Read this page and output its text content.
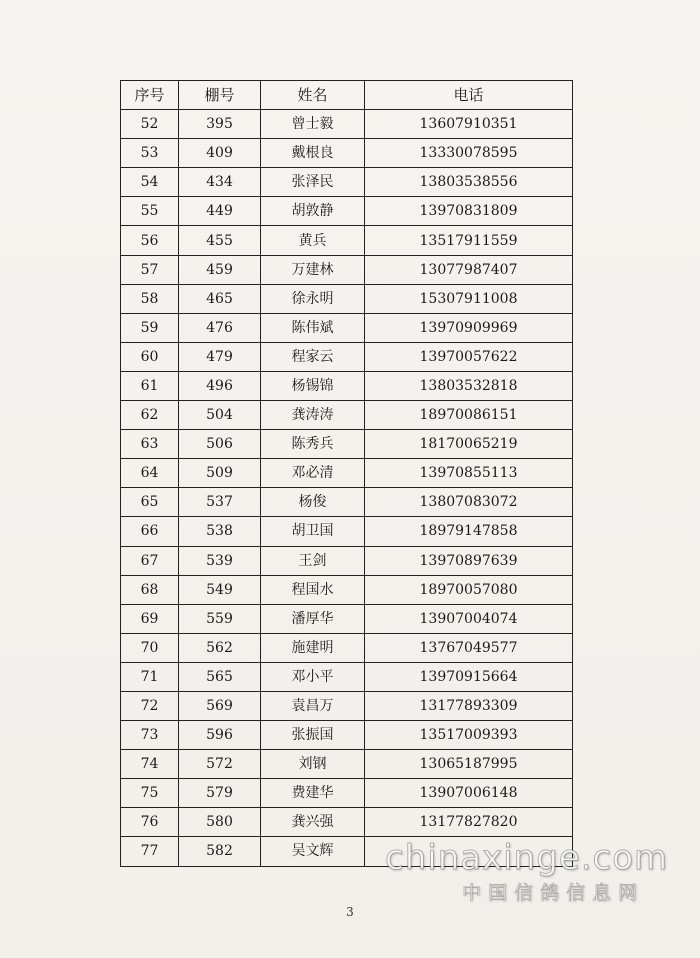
序号	棚号	姓名	电话
52	395	曾士毅	13607910351
53	409	戴根良	13330078595
54	434	张泽民	13803538556
55	449	胡敦静	13970831809
56	455	黄兵	13517911559
57	459	万建林	13077987407
58	465	徐永明	15307911008
59	476	陈伟斌	13970909969
60	479	程家云	13970057622
61	496	杨锡锦	13803532818
62	504	龚涛涛	18970086151
63	506	陈秀兵	18170065219
64	509	邓必清	13970855113
65	537	杨俊	13807083072
66	538	胡卫国	18979147858
67	539	王剑	13970897639
68	549	程国水	18970057080
69	559	潘厚华	13907004074
70	562	施建明	13767049577
71	565	邓小平	13970915664
72	569	袁昌万	13177893309
73	596	张振国	13517009393
74	572	刘钢	13065187995
75	579	费建华	13907006148
76	580	龚兴强	13177827820
77	582	吴文辉	
3
chinaxinge.com
中国信鸽信息网
